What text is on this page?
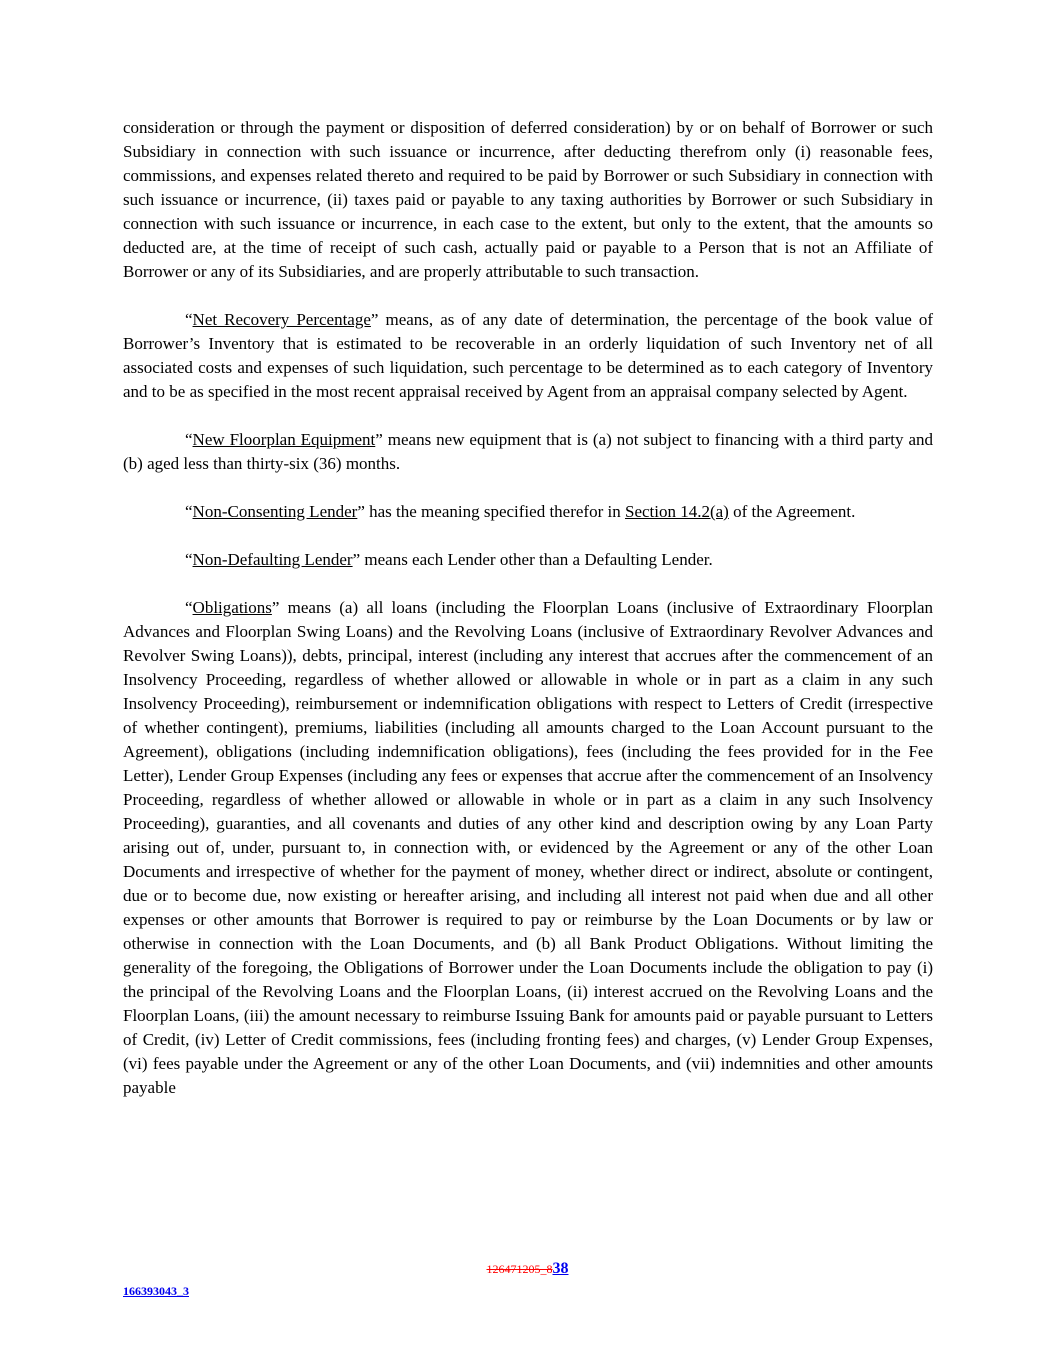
consideration or through the payment or disposition of deferred consideration) by or on behalf of Borrower or such Subsidiary in connection with such issuance or incurrence, after deducting therefrom only (i) reasonable fees, commissions, and expenses related thereto and required to be paid by Borrower or such Subsidiary in connection with such issuance or incurrence, (ii) taxes paid or payable to any taxing authorities by Borrower or such Subsidiary in connection with such issuance or incurrence, in each case to the extent, but only to the extent, that the amounts so deducted are, at the time of receipt of such cash, actually paid or payable to a Person that is not an Affiliate of Borrower or any of its Subsidiaries, and are properly attributable to such transaction.

“Net Recovery Percentage” means, as of any date of determination, the percentage of the book value of Borrower’s Inventory that is estimated to be recoverable in an orderly liquidation of such Inventory net of all associated costs and expenses of such liquidation, such percentage to be determined as to each category of Inventory and to be as specified in the most recent appraisal received by Agent from an appraisal company selected by Agent.

“New Floorplan Equipment” means new equipment that is (a) not subject to financing with a third party and (b) aged less than thirty-six (36) months.

“Non-Consenting Lender” has the meaning specified therefor in Section 14.2(a) of the Agreement.

“Non-Defaulting Lender” means each Lender other than a Defaulting Lender.

“Obligations” means (a) all loans (including the Floorplan Loans (inclusive of Extraordinary Floorplan Advances and Floorplan Swing Loans) and the Revolving Loans (inclusive of Extraordinary Revolver Advances and Revolver Swing Loans)), debts, principal, interest (including any interest that accrues after the commencement of an Insolvency Proceeding, regardless of whether allowed or allowable in whole or in part as a claim in any such Insolvency Proceeding), reimbursement or indemnification obligations with respect to Letters of Credit (irrespective of whether contingent), premiums, liabilities (including all amounts charged to the Loan Account pursuant to the Agreement), obligations (including indemnification obligations), fees (including the fees provided for in the Fee Letter), Lender Group Expenses (including any fees or expenses that accrue after the commencement of an Insolvency Proceeding, regardless of whether allowed or allowable in whole or in part as a claim in any such Insolvency Proceeding), guaranties, and all covenants and duties of any other kind and description owing by any Loan Party arising out of, under, pursuant to, in connection with, or evidenced by the Agreement or any of the other Loan Documents and irrespective of whether for the payment of money, whether direct or indirect, absolute or contingent, due or to become due, now existing or hereafter arising, and including all interest not paid when due and all other expenses or other amounts that Borrower is required to pay or reimburse by the Loan Documents or by law or otherwise in connection with the Loan Documents, and (b) all Bank Product Obligations. Without limiting the generality of the foregoing, the Obligations of Borrower under the Loan Documents include the obligation to pay (i) the principal of the Revolving Loans and the Floorplan Loans, (ii) interest accrued on the Revolving Loans and the Floorplan Loans, (iii) the amount necessary to reimburse Issuing Bank for amounts paid or payable pursuant to Letters of Credit, (iv) Letter of Credit commissions, fees (including fronting fees) and charges, (v) Lender Group Expenses, (vi) fees payable under the Agreement or any of the other Loan Documents, and (vii) indemnities and other amounts payable

126471205_838
166393043_3
